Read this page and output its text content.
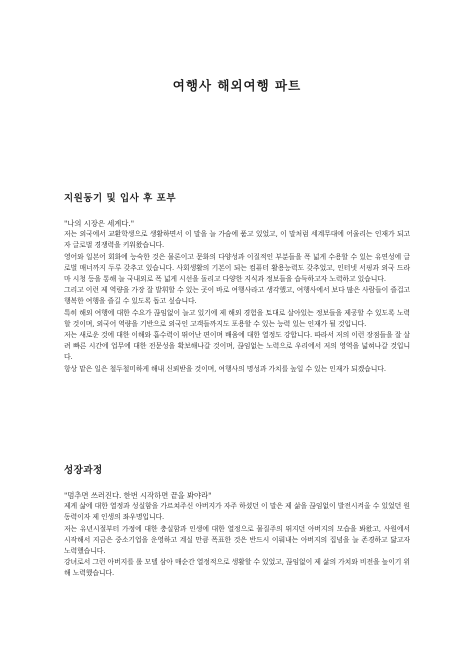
여행사 해외여행 파트
지원동기 및 입사 후 포부

"나의 시장은 세계다."

저는 외국에서 교환학생으로 생활하면서 이 말을 늘 가슴에 품고 있었고, 이 말처럼 세계무대에 어울리는 인재가 되고자 글로벌 경쟁력을 키워왔습니다.

영어와 일본어 회화에 능숙한 것은 물론이고 문화의 다양성과 이질적인 부분들을 폭 넓게 수용할 수 있는 유연성에 글로벌 매너까지 두루 갖추고 있습니다. 사회생활의 기본이 되는 컴퓨터 활용능력도 갖추었고, 인터넷 서핑과 외국 드라마 시청 등을 통해 늘 국내외로 폭 넓게 시선을 돌리고 다양한 지식과 정보들을 습득하고자 노력하고 있습니다.

그리고 이런 제 역량을 가장 잘 발휘할 수 있는 곳이 바로 여행사라고 생각했고, 여행사에서 보다 많은 사람들이 즐겁고 행복한 여행을 즐길 수 있도록 돕고 싶습니다.

특히 해외 여행에 대한 수요가 끊임없이 늘고 있기에 제 해외 경험을 토대로 살아있는 정보들을 제공할 수 있도록 노력할 것이며, 외국어 역량을 기반으로 외국인 고객들까지도 포용할 수 있는 능력 있는 인재가 될 것입니다.

저는 새로운 것에 대한 이해와 흡수력이 뛰어난 편이며 배움에 대한 열정도 강합니다. 따라서 저의 이런 장점들을 잘 살려 빠른 시간에 업무에 대한 전문성을 확보해나갈 것이며, 끊임없는 노력으로 우리에서 저의 영역을 넓혀나갈 것입니다.

항상 맡은 일은 철두철미하게 해내 신뢰받을 것이며, 여행사의 명성과 가치를 높일 수 있는 인재가 되겠습니다.

성장과정

"멈추면 쓰러진다. 한번 시작하면 끝을 봐야라"

제게 삶에 대한 열정과 성실함을 가르쳐주신 아버지가 자주 하셨던 이 말은 제 삶을 끊임없이 발전시켜올 수 있었던 원동력이자 제 인생의 좌우명입니다.

저는 유년시절부터 가정에 대한 충실함과 인생에 대한 열정으로 물질주의 뛰지던 아버지의 모습을 봐왔고, 사원에서 시작해서 지금은 중소기업을 운영하고 계실 만큼 폭표한 것은 반드시 이뤄내는 아버지의 집념을 늘 존경하고 닮고자 노력했습니다.

강녀로서 그런 아버지를 롤 모델 삼아 매순간 열정적으로 생활할 수 있었고, 끊임없이 제 삶의 가치와 비전을 높이기 위해 노력했습니다.
